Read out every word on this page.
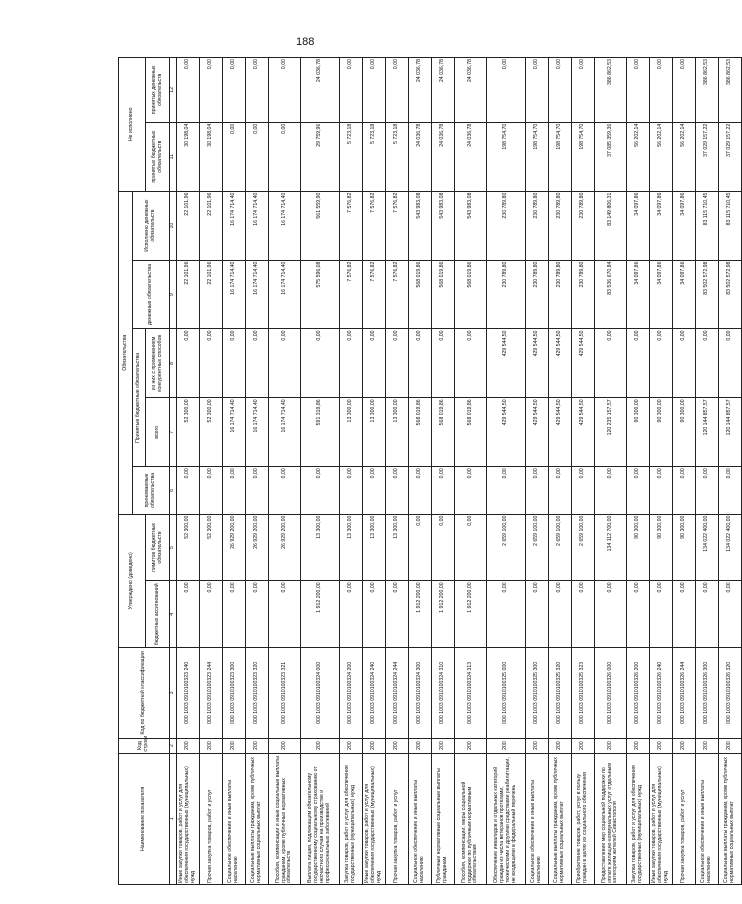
188
Наименование показателя	Код строки	Код по бюджетной классификации	Утверждено (доведено)		Обязательства					Не исполнено	
					принимаемые обязательства	Принятые бюджетные обязательства		денежные обязательства	Исполнено денежных обязательств		
			бюджетных ассигнований	лимитов бюджетных обязательств		всего	из них с применением конкурентных способов			принятых бюджетных обязательств	принятых денежных обязательств

1	2	3	4	5	6	7	8	9	10	11	12
Иные закупки товаров, работ и услуг для обеспечения государственных (муниципальных) нужд	200	000 1003 0910100323 240	0,00	52 300,00	0,00	52 300,00	0,00	22 101,96	22 101,96	30 198,04	0,00
Прочая закупка товаров, работ и услуг	200	000 1003 0910100323 244	0,00	52 300,00	0,00	52 300,00	0,00	22 101,96	22 101,96	30 198,04	0,00
Социальное обеспечение и иные выплаты населению	200	000 1003 0910100323 300	0,00	26 929 200,00	0,00	16 174 714,40	0,00	16 174 714,40	16 174 714,40	0,00	0,00
Социальные выплаты гражданам, кроме публичных нормативных социальных выплат	200	000 1003 0910100323 320	0,00	26 929 200,00	0,00	16 174 714,40	0,00	16 174 714,40	16 174 714,40	0,00	0,00
Пособия, компенсации и иные социальные выплаты гражданам, кроме публичных нормативных обязательств	200	000 1003 0910100323 321	0,00	26 929 200,00	0,00	16 174 714,40	0,00	16 174 714,40	16 174 714,40	0,00	0,00
Выплата лицам, подлежащим обязательному государственному социальному страхованию от несчастного случая на производстве и профессиональных заболеваний	200	000 1003 0910100324 000	1 912 200,00	13 300,00	0,00	591 319,86	0,00	575 596,08	561 559,90	29 759,96	24 036,78
Закупка товаров, работ и услуг для обеспечения государственных (муниципальных) нужд	200	000 1003 0910100324 200	0,00	13 300,00	0,00	13 300,00	0,00	7 576,82	7 576,82	5 723,18	0,00
Иные закупки товаров, работ и услуг для обеспечения государственных (муниципальных) нужд	200	000 1003 0910100324 240	0,00	13 300,00	0,00	13 300,00	0,00	7 576,82	7 576,82	5 723,18	0,00
Прочая закупка товаров, работ и услуг	200	000 1003 0910100324 244	0,00	13 300,00	0,00	13 300,00	0,00	7 576,82	7 576,82	5 723,18	0,00
Социальное обеспечение и иные выплаты населению	200	000 1003 0910100324 300	1 912 200,00	0,00	0,00	568 019,86	0,00	568 019,86	543 983,08	24 036,78	24 036,78
Публичные нормативные социальные выплаты гражданам	200	000 1003 0910100324 310	1 912 200,00	0,00	0,00	568 019,86	0,00	568 019,86	543 983,08	24 036,78	24 036,78
Пособия, компенсации, меры социальной поддержки по публичным нормативным обязательствам	200	000 1003 0910100324 313	1 912 200,00	0,00	0,00	568 019,86	0,00	568 019,86	543 983,08	24 036,78	24 036,78
Обеспечение инвалидов и отдельных категорий граждан из числа ветеранов протезами, техническими и другими средствами реабилитации, не входящими в федеральный перечень	200	000 1003 0910100325 000	0,00	2 659 100,00	0,00	429 544,50	429 544,50	230 789,80	230 789,80	198 754,70	0,00
Социальное обеспечение и иные выплаты населению	200	000 1003 0910100325 300	0,00	2 659 100,00	0,00	429 544,50	429 544,50	230 789,80	230 789,80	198 754,70	0,00
Социальные выплаты гражданам, кроме публичных нормативных социальных выплат	200	000 1003 0910100325 320	0,00	2 659 100,00	0,00	429 544,50	429 544,50	230 789,80	230 789,80	198 754,70	0,00
Приобретение товаров, работ, услуг в пользу граждан в целях их социального обеспечения	200	000 1003 0910100325 323	0,00	2 659 100,00	0,00	429 544,50	429 544,50	230 789,80	230 789,80	198 754,70	0,00
Предоставление мер социальной поддержки по оплате жилищно-коммунальных услуг отдельным категориям жителей Севастополя	200	000 1003 0910100326 000	0,00	134 112 700,00	0,00	120 235 157,57	0,00	83 536 670,84	83 149 806,31	37 085 359,36	386 862,53
Закупка товаров, работ и услуг для обеспечения государственных (муниципальных) нужд	200	000 1003 0910100326 200	0,00	90 300,00	0,00	90 300,00	0,00	34 097,86	34 097,86	56 202,14	0,00
Иные закупки товаров, работ и услуг для обеспечения государственных (муниципальных) нужд	200	000 1003 0910100326 240	0,00	90 300,00	0,00	90 300,00	0,00	34 097,86	34 097,86	56 202,14	0,00
Прочая закупка товаров, работ и услуг	200	000 1003 0910100326 244	0,00	90 300,00	0,00	90 300,00	0,00	34 097,86	34 097,86	56 202,14	0,00
Социальное обеспечение и иные выплаты населению	200	000 1003 0910100326 300	0,00	134 022 400,00	0,00	120 144 857,57	0,00	83 502 572,98	83 115 710,45	37 029 157,22	386 862,53
Социальные выплаты гражданам, кроме публичных нормативных социальных выплат	200	000 1003 0910100326 320	0,00	134 022 400,00	0,00	120 144 857,57	0,00	83 502 572,98	83 115 710,45	37 029 157,22	386 862,53
